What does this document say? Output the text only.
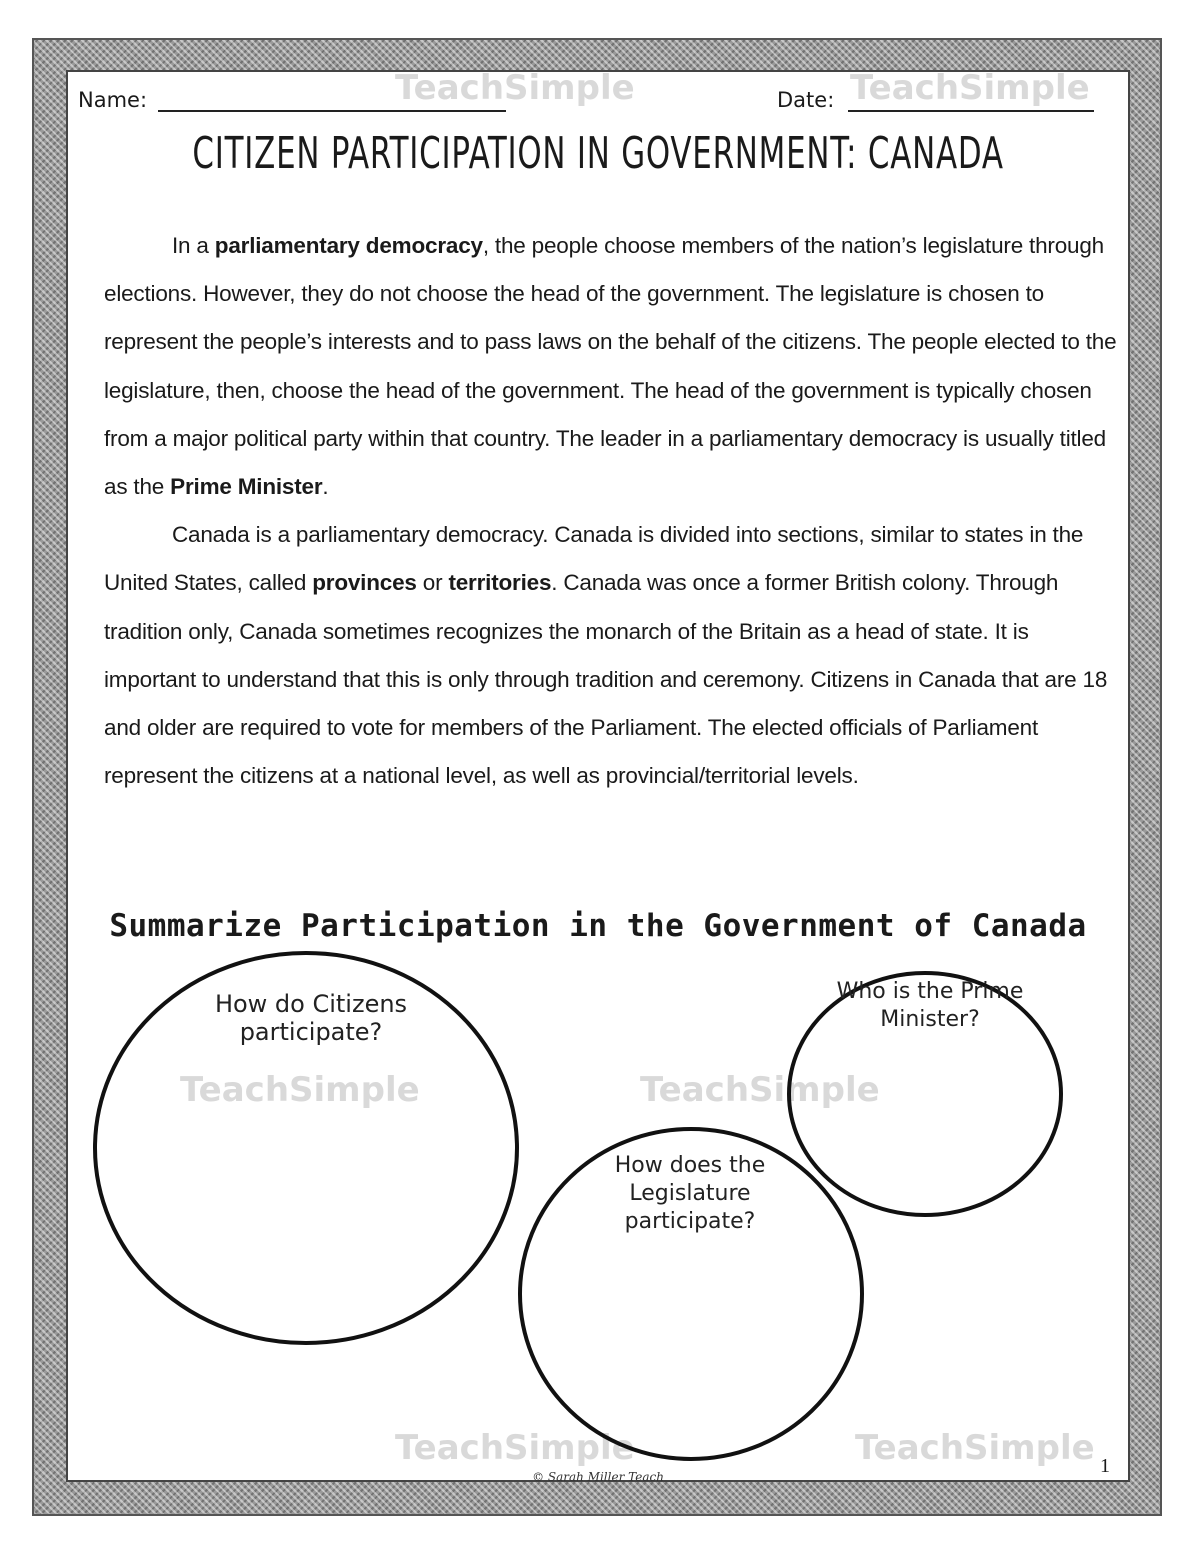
TeachSimple	TeachSimple
TeachSimple	TeachSimple
TeachSimple	TeachSimple
Name:	Date:
CITIZEN PARTICIPATION IN GOVERNMENT: CANADA

In a parliamentary democracy, the people choose members of the nation’s legislature through elections. However, they do not choose the head of the government. The legislature is chosen to represent the people’s interests and to pass laws on the behalf of the citizens. The people elected to the legislature, then, choose the head of the government. The head of the government is typically chosen from a major political party within that country. The leader in a parliamentary democracy is usually titled as the Prime Minister.

Canada is a parliamentary democracy. Canada is divided into sections, similar to states in the United States, called provinces or territories. Canada was once a former British colony. Through tradition only, Canada sometimes recognizes the monarch of the Britain as a head of state. It is important to understand that this is only through tradition and ceremony. Citizens in Canada that are 18 and older are required to vote for members of the Parliament. The elected officials of Parliament represent the citizens at a national level, as well as provincial/territorial levels.

Summarize Participation in the Government of Canada
How do Citizens participate?
Who is the Prime Minister?
How does the Legislature participate?
© Sarah Miller Teach	1
